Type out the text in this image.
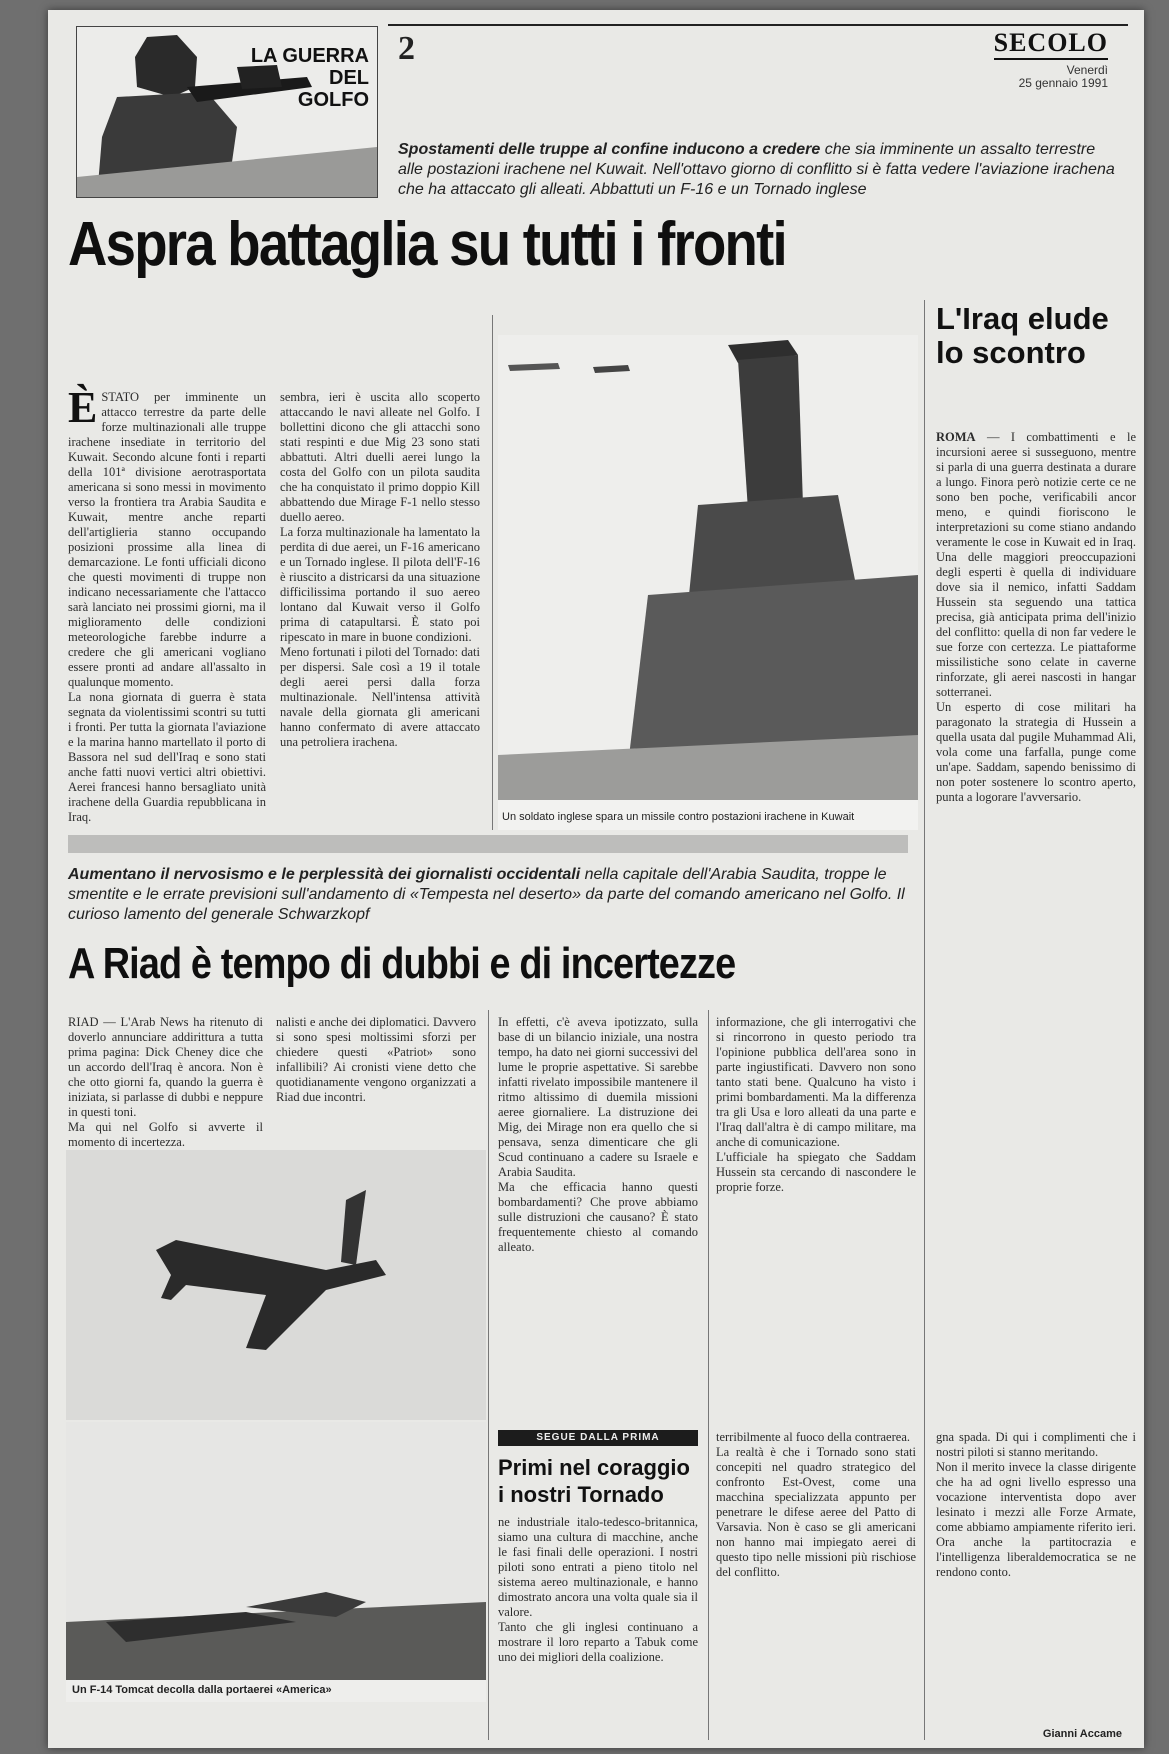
LA GUERRA
DEL
GOLFO
2	SECOLO
Venerdì
25 gennaio 1991
Spostamenti delle truppe al confine inducono a credere che sia imminente un assalto terrestre alle postazioni irachene nel Kuwait. Nell'ottavo giorno di conflitto si è fatta vedere l'aviazione irachena che ha attaccato gli alleati. Abbattuti un F-16 e un Tornado inglese
Aspra battaglia su tutti i fronti
ÈSTATO per imminente un attacco terrestre da parte delle forze multinazionali alle truppe irachene insediate in territorio del Kuwait. Secondo alcune fonti i reparti della 101ª divisione aerotrasportata americana si sono messi in movimento verso la frontiera tra Arabia Saudita e Kuwait, mentre anche reparti dell'artiglieria stanno occupando posizioni prossime alla linea di demarcazione. Le fonti ufficiali dicono che questi movimenti di truppe non indicano necessariamente che l'attacco sarà lanciato nei prossimi giorni, ma il miglioramento delle condizioni meteorologiche farebbe indurre a credere che gli americani vogliano essere pronti ad andare all'assalto in qualunque momento.
La nona giornata di guerra è stata segnata da violentissimi scontri su tutti i fronti. Per tutta la giornata l'aviazione e la marina hanno martellato il porto di Bassora nel sud dell'Iraq e sono stati anche fatti nuovi vertici altri obiettivi. Aerei francesi hanno bersagliato unità irachene della Guardia repubblicana in Iraq.
sembra, ieri è uscita allo scoperto attaccando le navi alleate nel Golfo. I bollettini dicono che gli attacchi sono stati respinti e due Mig 23 sono stati abbattuti. Altri duelli aerei lungo la costa del Golfo con un pilota saudita che ha conquistato il primo doppio Kill abbattendo due Mirage F-1 nello stesso duello aereo.
La forza multinazionale ha lamentato la perdita di due aerei, un F-16 americano e un Tornado inglese. Il pilota dell'F-16 è riuscito a districarsi da una situazione difficilissima portando il suo aereo lontano dal Kuwait verso il Golfo prima di catapultarsi. È stato poi ripescato in mare in buone condizioni.
Meno fortunati i piloti del Tornado: dati per dispersi. Sale così a 19 il totale degli aerei persi dalla forza multinazionale. Nell'intensa attività navale della giornata gli americani hanno confermato di avere attaccato una petroliera irachena.
Un soldato inglese spara un missile contro postazioni irachene in Kuwait
L'Iraq elude lo scontro
ROMA — I combattimenti e le incursioni aeree si susseguono, mentre si parla di una guerra destinata a durare a lungo. Finora però notizie certe ce ne sono ben poche, verificabili ancor meno, e quindi fioriscono le interpretazioni su come stiano andando veramente le cose in Kuwait ed in Iraq. Una delle maggiori preoccupazioni degli esperti è quella di individuare dove sia il nemico, infatti Saddam Hussein sta seguendo una tattica precisa, già anticipata prima dell'inizio del conflitto: quella di non far vedere le sue forze con certezza. Le piattaforme missilistiche sono celate in caverne rinforzate, gli aerei nascosti in hangar sotterranei.
Un esperto di cose militari ha paragonato la strategia di Hussein a quella usata dal pugile Muhammad Ali, vola come una farfalla, punge come un'ape. Saddam, sapendo benissimo di non poter sostenere lo scontro aperto, punta a logorare l'avversario.
Aumentano il nervosismo e le perplessità dei giornalisti occidentali nella capitale dell'Arabia Saudita, troppe le smentite e le errate previsioni sull'andamento di «Tempesta nel deserto» da parte del comando americano nel Golfo. Il curioso lamento del generale Schwarzkopf
A Riad è tempo di dubbi e di incertezze
RIAD — L'Arab News ha ritenuto di doverlo annunciare addirittura a tutta prima pagina: Dick Cheney dice che un accordo dell'Iraq è ancora. Non è che otto giorni fa, quando la guerra è iniziata, si parlasse di dubbi e neppure in questi toni.
Ma qui nel Golfo si avverte il momento di incertezza.
nalisti e anche dei diplomatici. Davvero si sono spesi moltissimi sforzi per chiedere questi «Patriot» sono infallibili? Ai cronisti viene detto che quotidianamente vengono organizzati a Riad due incontri.
In effetti, c'è aveva ipotizzato, sulla base di un bilancio iniziale, una nostra tempo, ha dato nei giorni successivi del lume le proprie aspettative. Si sarebbe infatti rivelato impossibile mantenere il ritmo altissimo di duemila missioni aeree giornaliere. La distruzione dei Mig, dei Mirage non era quello che si pensava, senza dimenticare che gli Scud continuano a cadere su Israele e Arabia Saudita.
Ma che efficacia hanno questi bombardamenti? Che prove abbiamo sulle distruzioni che causano? È stato frequentemente chiesto al comando alleato.
informazione, che gli interrogativi che si rincorrono in questo periodo tra l'opinione pubblica dell'area sono in parte ingiustificati. Davvero non sono tanto stati bene. Qualcuno ha visto i primi bombardamenti. Ma la differenza tra gli Usa e loro alleati da una parte e l'Iraq dall'altra è di campo militare, ma anche di comunicazione.
L'ufficiale ha spiegato che Saddam Hussein sta cercando di nascondere le proprie forze.
Un F-14 Tomcat decolla dalla portaerei «America»
SEGUE DALLA PRIMA
Primi nel coraggio i nostri Tornado
ne industriale italo-tedesco-britannica, siamo una cultura di macchine, anche le fasi finali delle operazioni. I nostri piloti sono entrati a pieno titolo nel sistema aereo multinazionale, e hanno dimostrato ancora una volta quale sia il valore.
Tanto che gli inglesi continuano a mostrare il loro reparto a Tabuk come uno dei migliori della coalizione.
terribilmente al fuoco della contraerea.
La realtà è che i Tornado sono stati concepiti nel quadro strategico del confronto Est-Ovest, come una macchina specializzata appunto per penetrare le difese aeree del Patto di Varsavia. Non è caso se gli americani non hanno mai impiegato aerei di questo tipo nelle missioni più rischiose del conflitto.
gna spada. Di qui i complimenti che i nostri piloti si stanno meritando.
Non il merito invece la classe dirigente che ha ad ogni livello espresso una vocazione interventista dopo aver lesinato i mezzi alle Forze Armate, come abbiamo ampiamente riferito ieri. Ora anche la partitocrazia e l'intelligenza liberaldemocratica se ne rendono conto.
Gianni Accame
